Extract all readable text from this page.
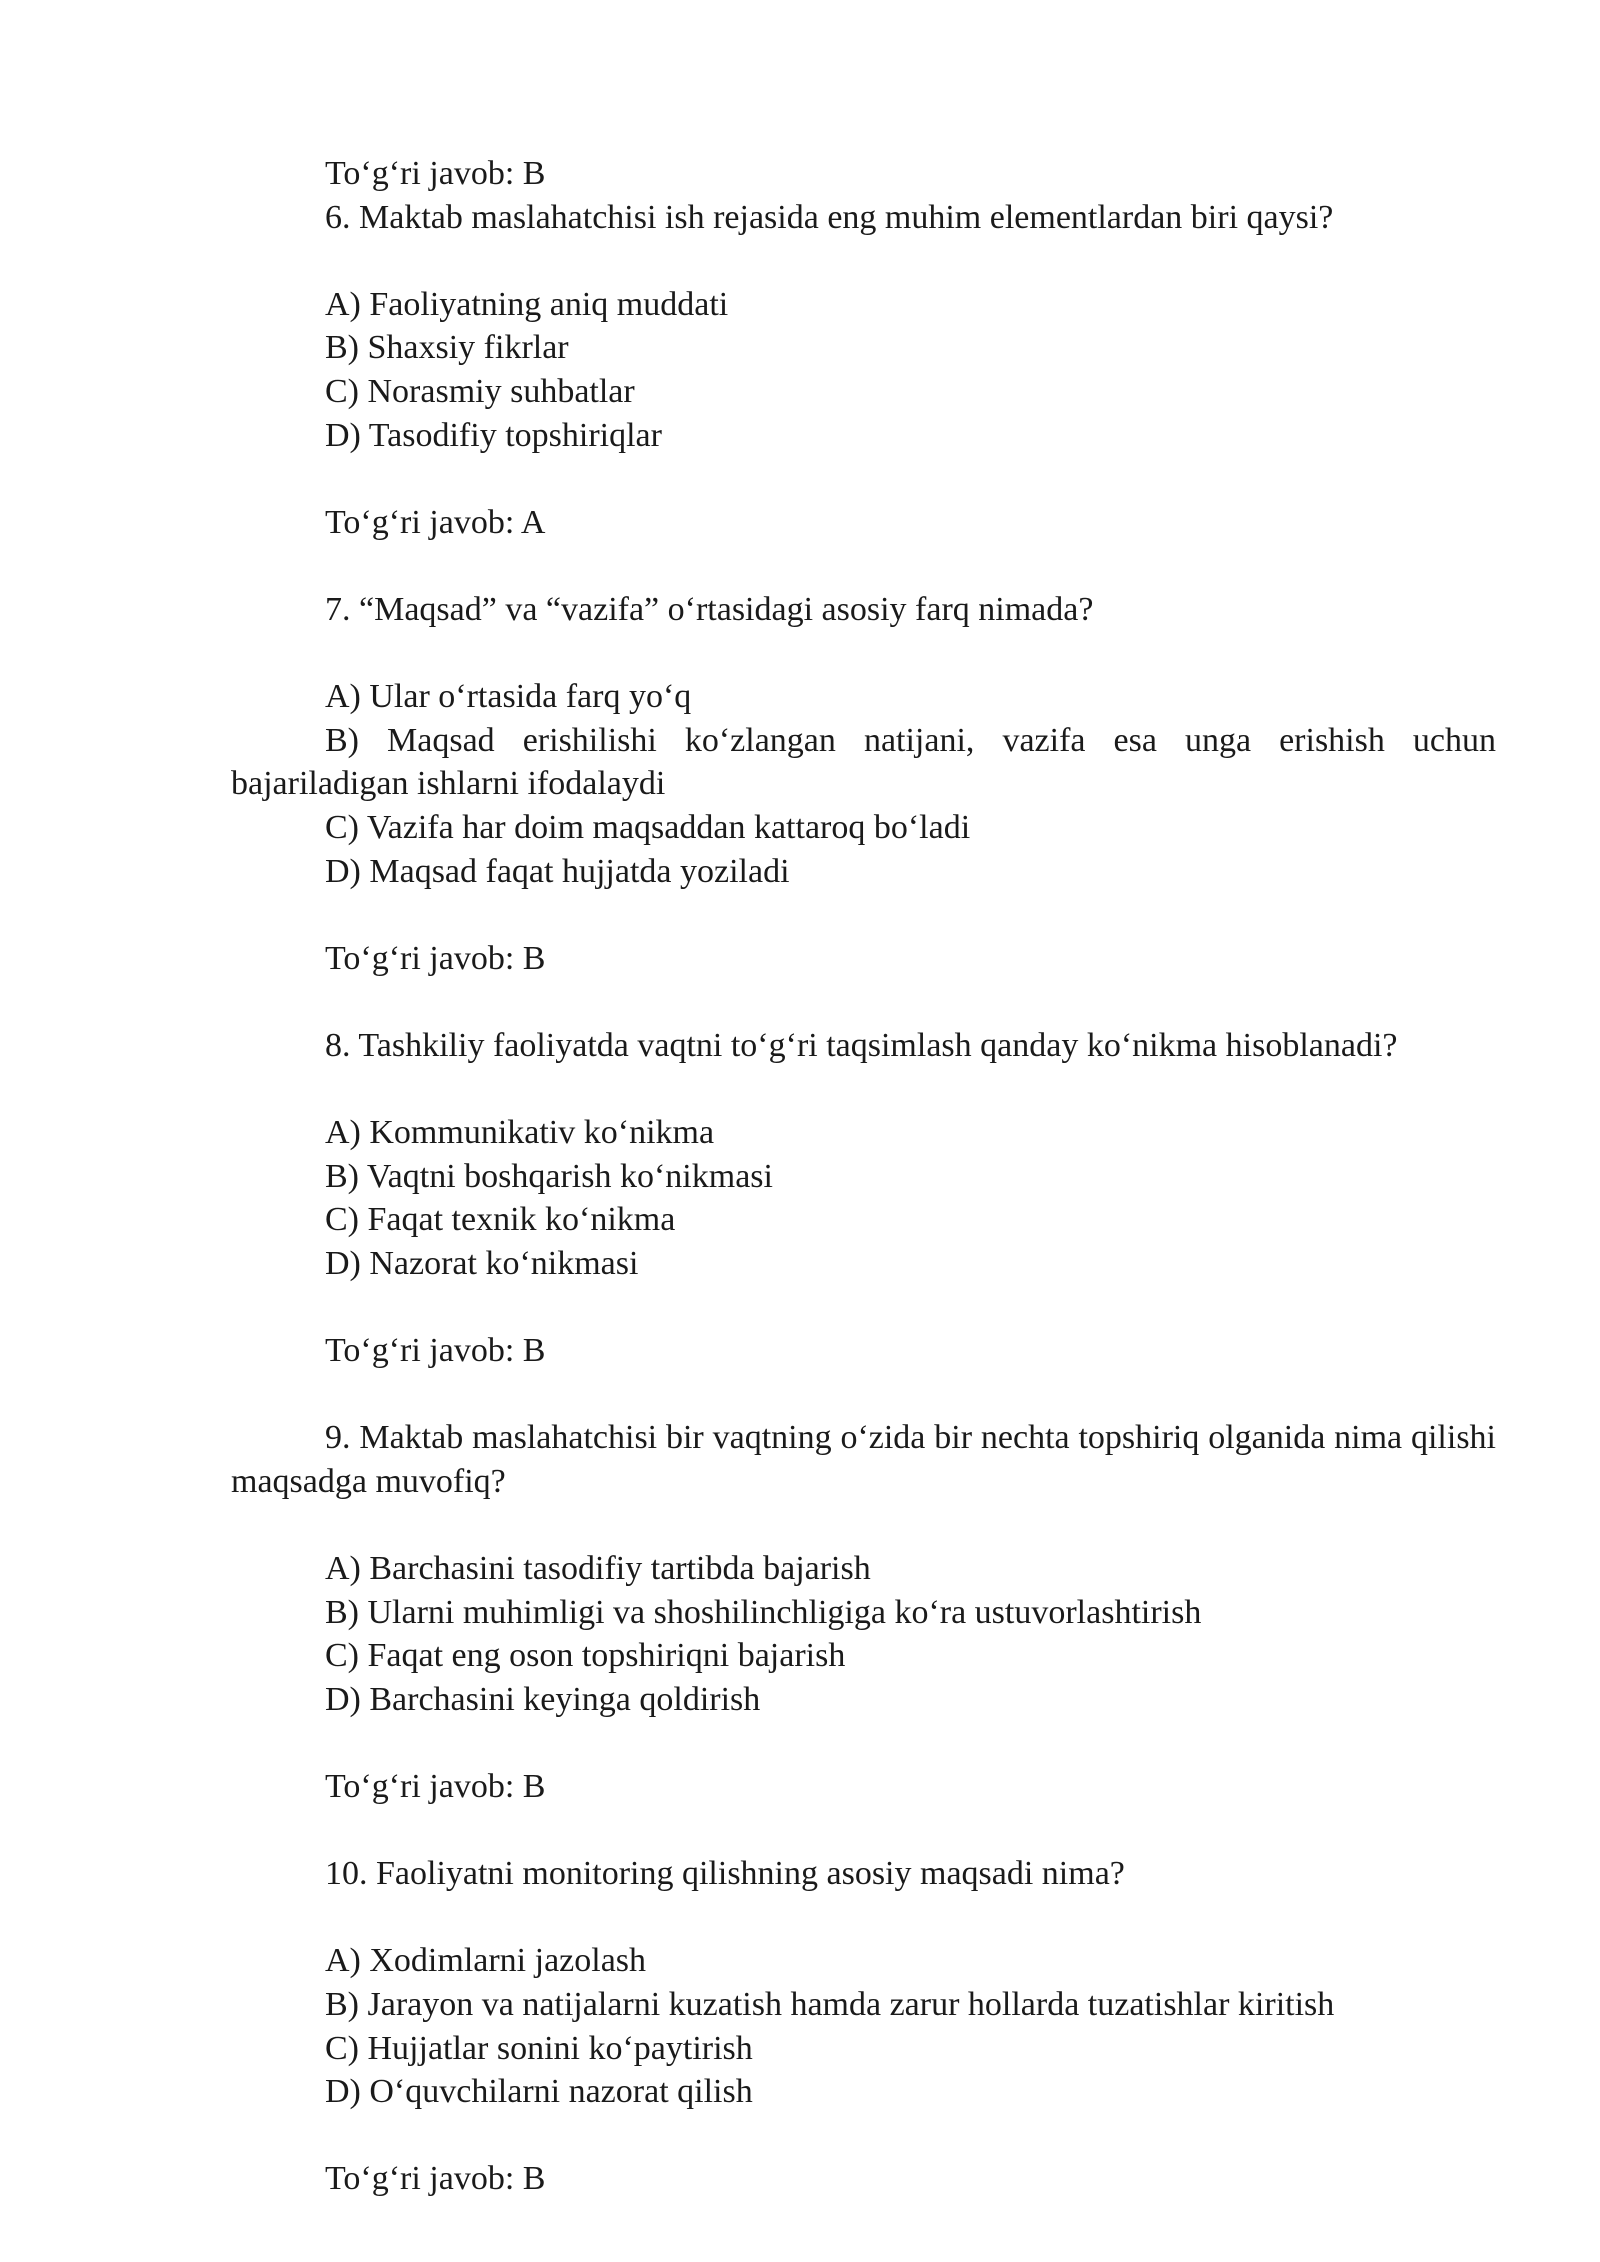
To‘g‘ri javob: B
6. Maktab maslahatchisi ish rejasida eng muhim elementlardan biri qaysi?
A) Faoliyatning aniq muddati
B) Shaxsiy fikrlar
C) Norasmiy suhbatlar
D) Tasodifiy topshiriqlar
To‘g‘ri javob: A
7. “Maqsad” va “vazifa” o‘rtasidagi asosiy farq nimada?
A) Ular o‘rtasida farq yo‘q
B) Maqsad erishilishi ko‘zlangan natijani, vazifa esa unga erishish uchun bajariladigan ishlarni ifodalaydi
C) Vazifa har doim maqsaddan kattaroq bo‘ladi
D) Maqsad faqat hujjatda yoziladi
To‘g‘ri javob: B
8. Tashkiliy faoliyatda vaqtni to‘g‘ri taqsimlash qanday ko‘nikma hisoblanadi?
A) Kommunikativ ko‘nikma
B) Vaqtni boshqarish ko‘nikmasi
C) Faqat texnik ko‘nikma
D) Nazorat ko‘nikmasi
To‘g‘ri javob: B
9. Maktab maslahatchisi bir vaqtning o‘zida bir nechta topshiriq olganida nima qilishi maqsadga muvofiq?
A) Barchasini tasodifiy tartibda bajarish
B) Ularni muhimligi va shoshilinchligiga ko‘ra ustuvorlashtirish
C) Faqat eng oson topshiriqni bajarish
D) Barchasini keyinga qoldirish
To‘g‘ri javob: B
10. Faoliyatni monitoring qilishning asosiy maqsadi nima?
A) Xodimlarni jazolash
B) Jarayon va natijalarni kuzatish hamda zarur hollarda tuzatishlar kiritish
C) Hujjatlar sonini ko‘paytirish
D) O‘quvchilarni nazorat qilish
To‘g‘ri javob: B
